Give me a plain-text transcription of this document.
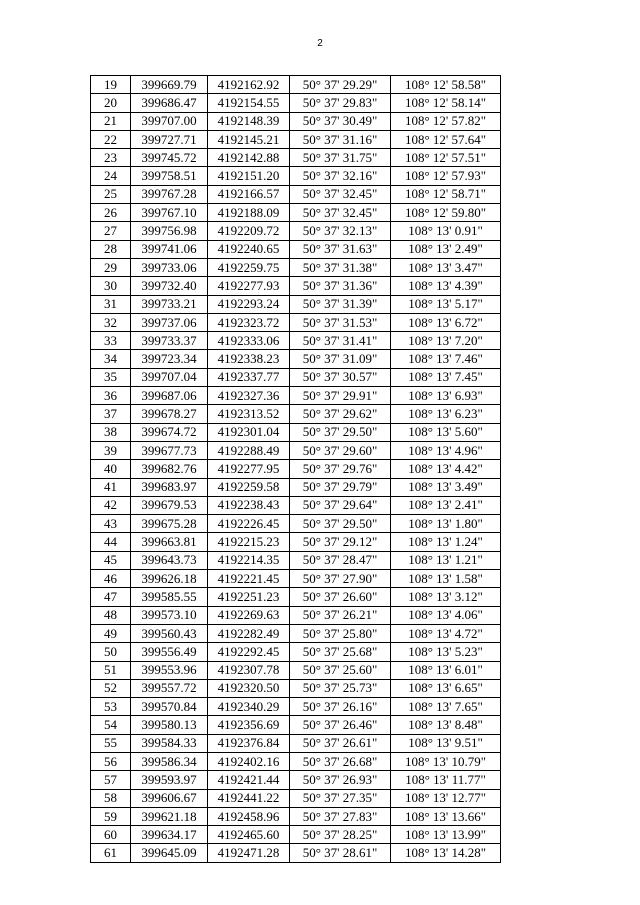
2
19	399669.79	4192162.92	50° 37' 29.29"	108° 12' 58.58"
20	399686.47	4192154.55	50° 37' 29.83"	108° 12' 58.14"
21	399707.00	4192148.39	50° 37' 30.49"	108° 12' 57.82"
22	399727.71	4192145.21	50° 37' 31.16"	108° 12' 57.64"
23	399745.72	4192142.88	50° 37' 31.75"	108° 12' 57.51"
24	399758.51	4192151.20	50° 37' 32.16"	108° 12' 57.93"
25	399767.28	4192166.57	50° 37' 32.45"	108° 12' 58.71"
26	399767.10	4192188.09	50° 37' 32.45"	108° 12' 59.80"
27	399756.98	4192209.72	50° 37' 32.13"	108° 13' 0.91"
28	399741.06	4192240.65	50° 37' 31.63"	108° 13' 2.49"
29	399733.06	4192259.75	50° 37' 31.38"	108° 13' 3.47"
30	399732.40	4192277.93	50° 37' 31.36"	108° 13' 4.39"
31	399733.21	4192293.24	50° 37' 31.39"	108° 13' 5.17"
32	399737.06	4192323.72	50° 37' 31.53"	108° 13' 6.72"
33	399733.37	4192333.06	50° 37' 31.41"	108° 13' 7.20"
34	399723.34	4192338.23	50° 37' 31.09"	108° 13' 7.46"
35	399707.04	4192337.77	50° 37' 30.57"	108° 13' 7.45"
36	399687.06	4192327.36	50° 37' 29.91"	108° 13' 6.93"
37	399678.27	4192313.52	50° 37' 29.62"	108° 13' 6.23"
38	399674.72	4192301.04	50° 37' 29.50"	108° 13' 5.60"
39	399677.73	4192288.49	50° 37' 29.60"	108° 13' 4.96"
40	399682.76	4192277.95	50° 37' 29.76"	108° 13' 4.42"
41	399683.97	4192259.58	50° 37' 29.79"	108° 13' 3.49"
42	399679.53	4192238.43	50° 37' 29.64"	108° 13' 2.41"
43	399675.28	4192226.45	50° 37' 29.50"	108° 13' 1.80"
44	399663.81	4192215.23	50° 37' 29.12"	108° 13' 1.24"
45	399643.73	4192214.35	50° 37' 28.47"	108° 13' 1.21"
46	399626.18	4192221.45	50° 37' 27.90"	108° 13' 1.58"
47	399585.55	4192251.23	50° 37' 26.60"	108° 13' 3.12"
48	399573.10	4192269.63	50° 37' 26.21"	108° 13' 4.06"
49	399560.43	4192282.49	50° 37' 25.80"	108° 13' 4.72"
50	399556.49	4192292.45	50° 37' 25.68"	108° 13' 5.23"
51	399553.96	4192307.78	50° 37' 25.60"	108° 13' 6.01"
52	399557.72	4192320.50	50° 37' 25.73"	108° 13' 6.65"
53	399570.84	4192340.29	50° 37' 26.16"	108° 13' 7.65"
54	399580.13	4192356.69	50° 37' 26.46"	108° 13' 8.48"
55	399584.33	4192376.84	50° 37' 26.61"	108° 13' 9.51"
56	399586.34	4192402.16	50° 37' 26.68"	108° 13' 10.79"
57	399593.97	4192421.44	50° 37' 26.93"	108° 13' 11.77"
58	399606.67	4192441.22	50° 37' 27.35"	108° 13' 12.77"
59	399621.18	4192458.96	50° 37' 27.83"	108° 13' 13.66"
60	399634.17	4192465.60	50° 37' 28.25"	108° 13' 13.99"
61	399645.09	4192471.28	50° 37' 28.61"	108° 13' 14.28"
